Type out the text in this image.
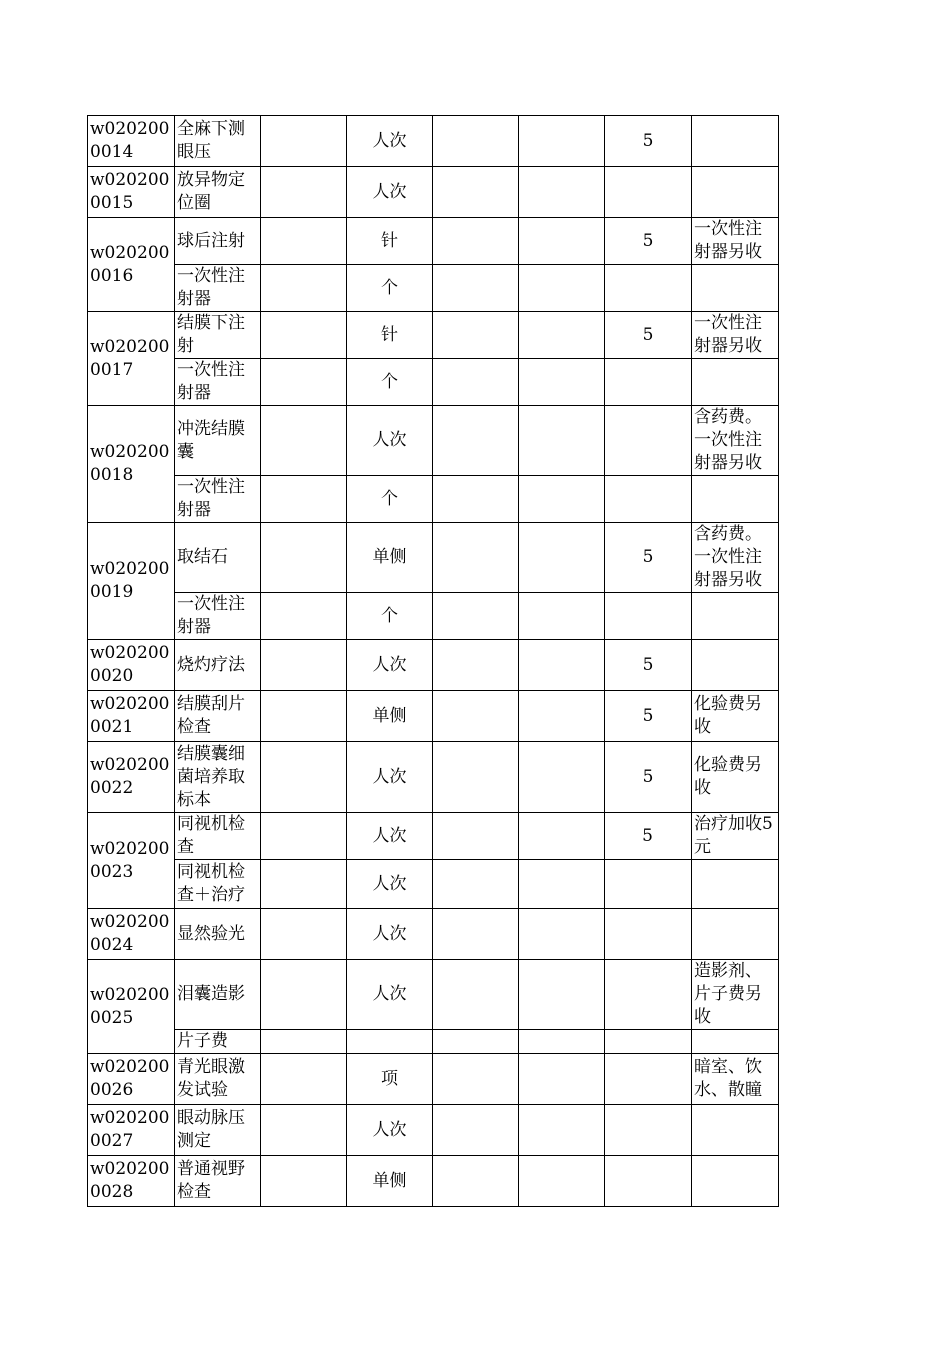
w0202000014	全麻下测眼压		人次			5	
w0202000015	放异物定位圈		人次				
w0202000016	球后注射		针			5	一次性注射器另收
	一次性注射器		个				
w0202000017	结膜下注射		针			5	一次性注射器另收
	一次性注射器		个				
w0202000018	冲洗结膜囊		人次				含药费。一次性注射器另收
	一次性注射器		个				
w0202000019	取结石		单侧			5	含药费。一次性注射器另收
	一次性注射器		个				
w0202000020	烧灼疗法		人次			5	
w0202000021	结膜刮片检查		单侧			5	化验费另收
w0202000022	结膜囊细菌培养取标本		人次			5	化验费另收
w0202000023	同视机检查		人次			5	治疗加收5元
	同视机检查＋治疗		人次				
w0202000024	显然验光		人次				
w0202000025	泪囊造影		人次				造影剂、片子费另收
	片子费						
w0202000026	青光眼激发试验		项				暗室、饮水、散瞳
w0202000027	眼动脉压测定		人次				
w0202000028	普通视野检查		单侧				
